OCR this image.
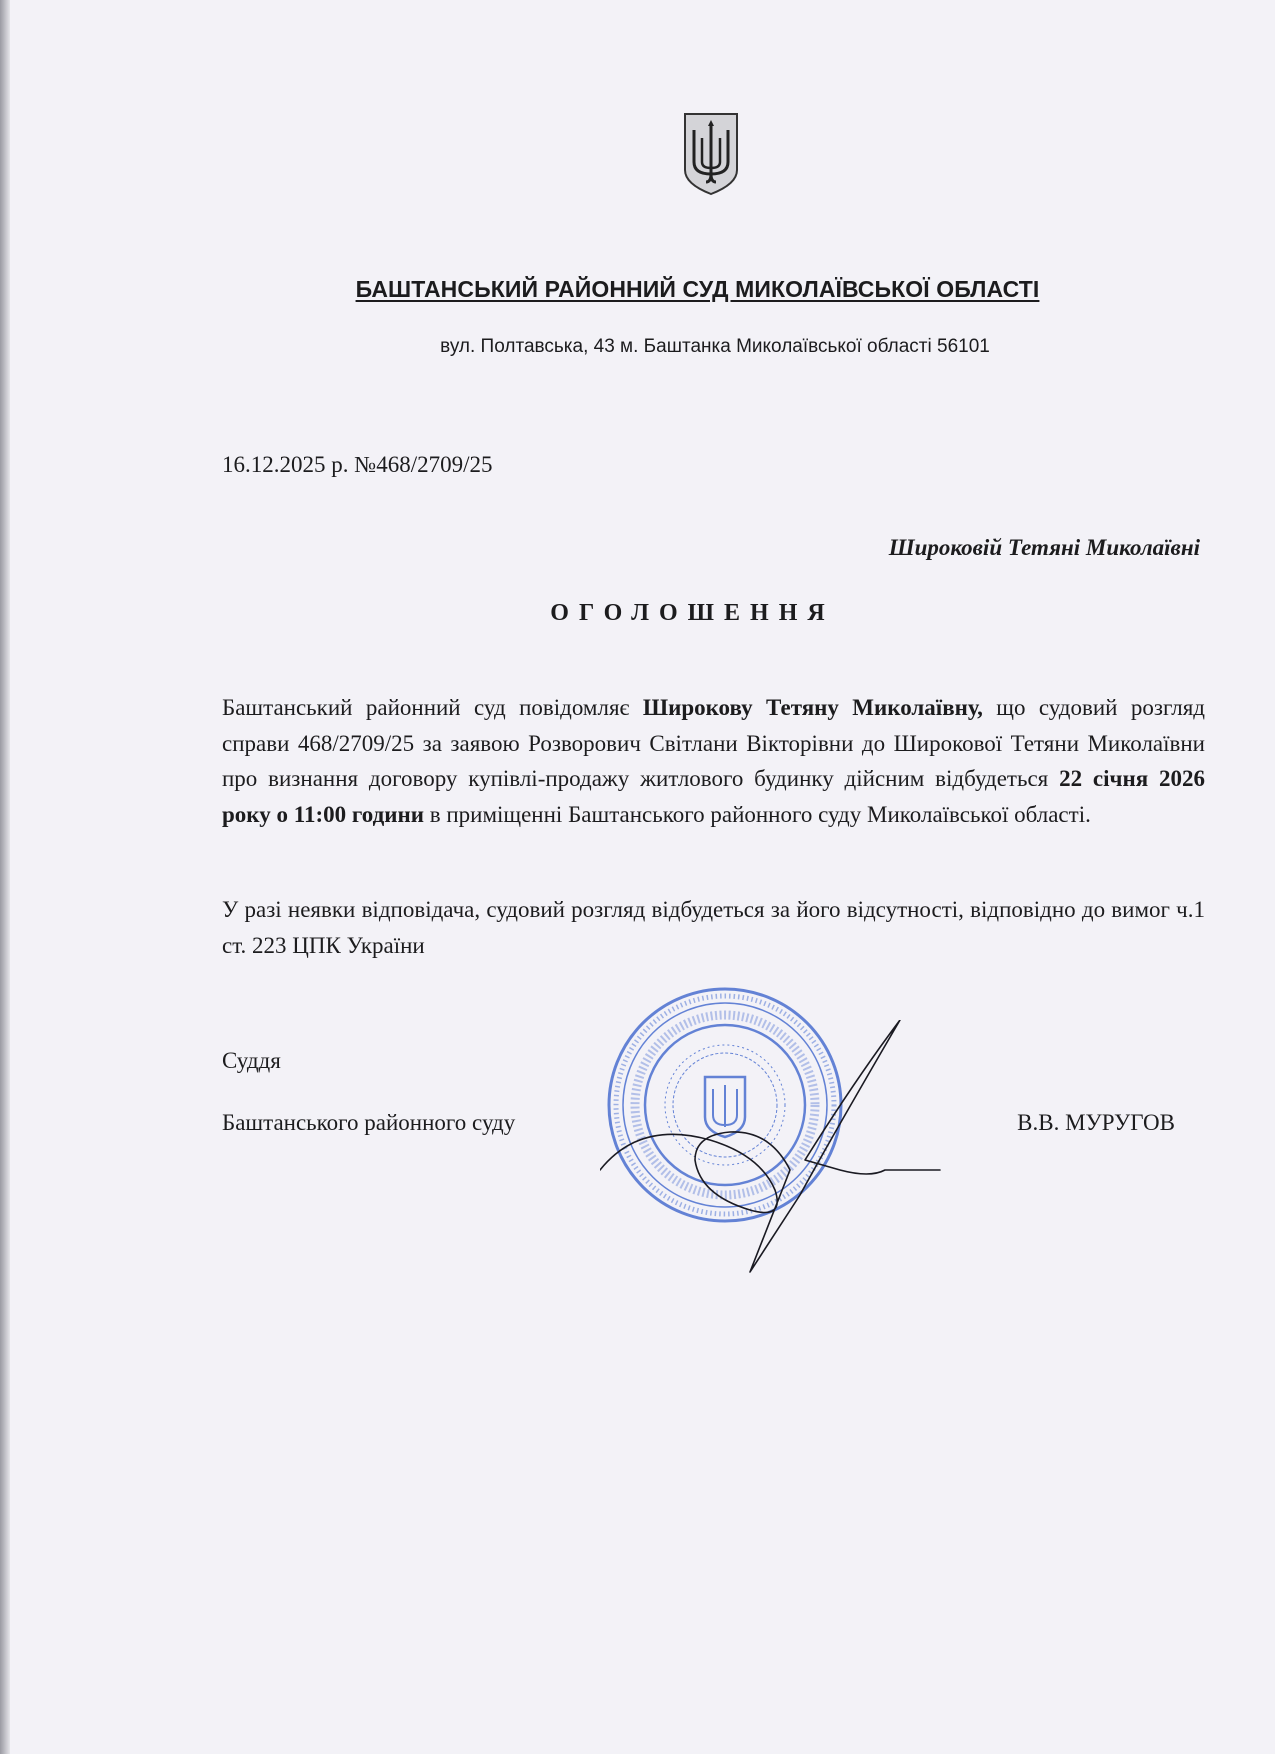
БАШТАНСЬКИЙ РАЙОННИЙ СУД МИКОЛАЇВСЬКОЇ ОБЛАСТІ
вул. Полтавська, 43 м. Баштанка Миколаївської області 56101
16.12.2025 р. №468/2709/25
Широковій Тетяні Миколаївні
ОГОЛОШЕННЯ
Баштанський районний суд повідомляє Широкову Тетяну Миколаївну, що судовий розгляд справи 468/2709/25 за заявою Розворович Світлани Вікторівни до Широкової Тетяни Миколаївни про визнання договору купівлі-продажу житлового будинку дійсним відбудеться 22 січня 2026 року о 11:00 години в приміщенні Баштанського районного суду Миколаївської області.
У разі неявки відповідача, судовий розгляд відбудеться за його відсутності, відповідно до вимог ч.1 ст. 223 ЦПК України
Суддя
Баштанського районного суду	В.В. МУРУГОВ
